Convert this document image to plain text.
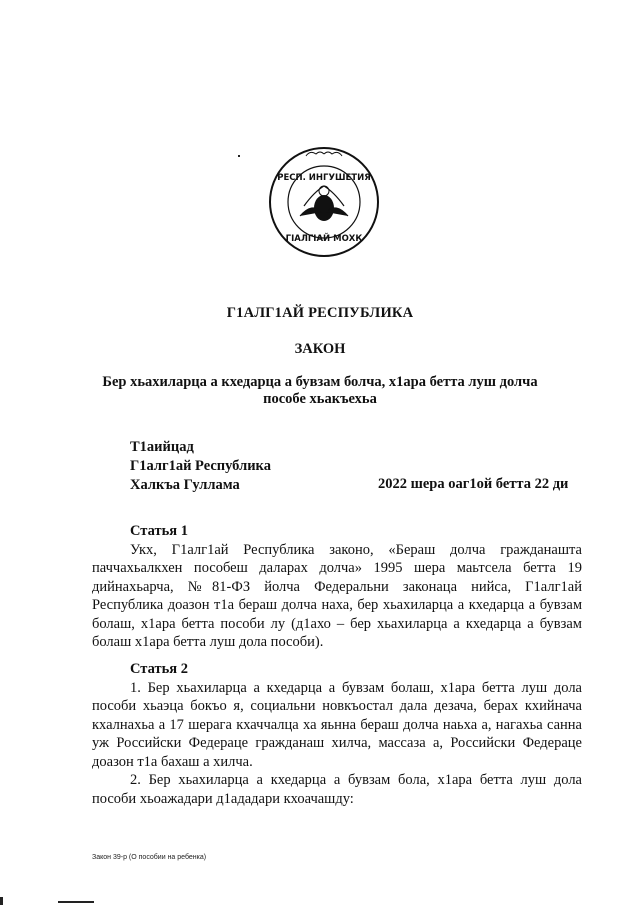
РЕСП. ИНГУШЕТИЯ
ГIАЛГIАЙ МОХК
Г1АЛГ1АЙ РЕСПУБЛИКА
ЗАКОН
Бер хьахиларца а кхедарца а бувзам болча, х1ара бетта луш долча пособе хьакъехьа
Т1аийцад
Г1алг1ай Республика
Халкъа Гуллама	2022 шера оаг1ой бетта 22 ди
Статья 1

Укх, Г1алг1ай Республика законо, «Бераш долча гражданашта паччахьалкхен пособеш даларах долча» 1995 шера маьтсела бетта 19 дийнахьарча, №81-ФЗ йолча Федеральни законаца нийса, Г1алг1ай Республика доазон т1а бераш долча наха, бер хьахиларца а кхедарца а бувзам болаш, х1ара бетта пособи лу (д1ахо – бер хьахиларца а кхедарца а бувзам болаш х1ара бетта луш дола пособи).

Статья 2

1. Бер хьахиларца а кхедарца а бувзам болаш, х1ара бетта луш дола пособи хьаэца бокъо я, социальни новкъостал дала дезача, берах кхийнача кхалнахьа а 17 шерага кхаччалца ха яьнна бераш долча наьха а, нагахьа санна уж Российски Федераце гражданаш хилча, массаза а, Российски Федераце доазон т1а бахаш а хилча.

2. Бер хьахиларца а кхедарца а бувзам бола, х1ара бетта луш дола пособи хьоажадари д1ададари кхоачашду:

Закон 39-р (О пособии на ребенка)
